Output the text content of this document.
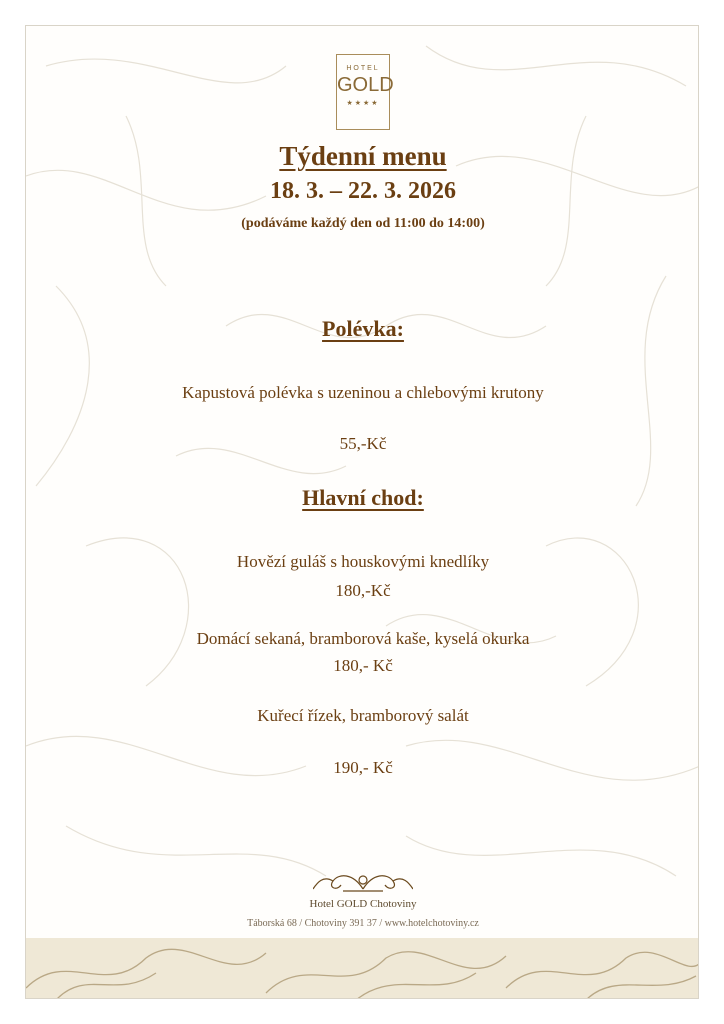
HOTEL
GOLD
★★★★
Týdenní menu
18. 3. – 22. 3. 2026
(podáváme každý den od 11:00 do 14:00)
Polévka:
Kapustová polévka s uzeninou a chlebovými krutony
55,-Kč
Hlavní chod:
Hovězí guláš s houskovými knedlíky
180,-Kč
Domácí sekaná, bramborová kaše, kyselá okurka
180,- Kč
Kuřecí řízek, bramborový salát
190,- Kč
Hotel GOLD Chotoviny
Táborská 68 / Chotoviny 391 37 / www.hotelchotoviny.cz
